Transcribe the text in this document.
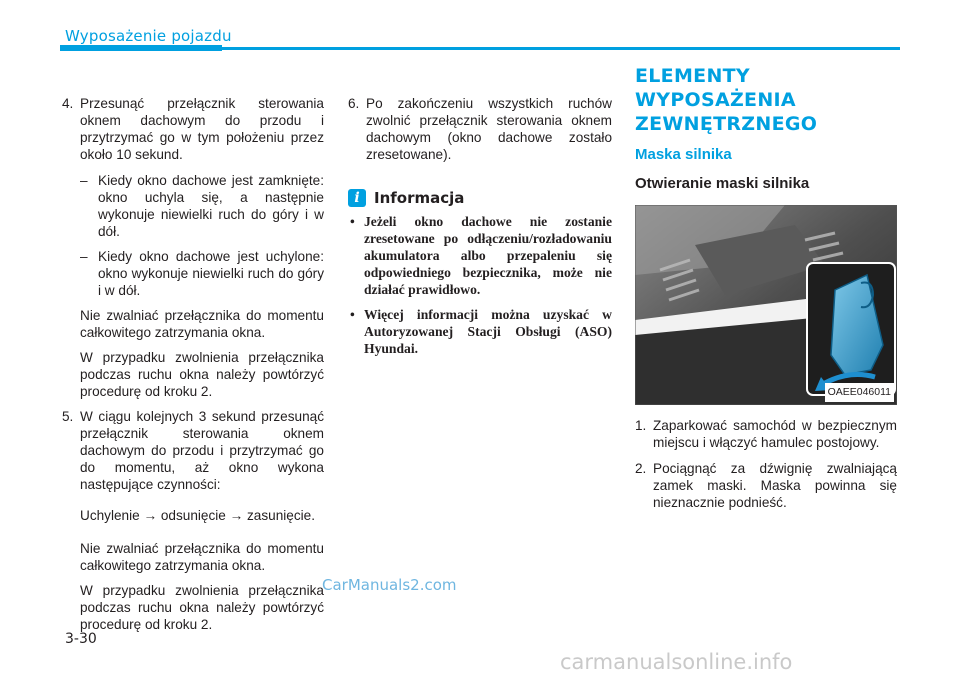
Wyposażenie pojazdu
4. Przesunąć przełącznik sterowania oknem dachowym do przodu i przytrzymać go w tym położeniu przez około 10 sekund.

– Kiedy okno dachowe jest zamknięte: okno uchyla się, a następnie wykonuje niewielki ruch do góry i w dół.

– Kiedy okno dachowe jest uchylone: okno wykonuje niewielki ruch do góry i w dół.

Nie zwalniać przełącznika do momentu całkowitego zatrzymania okna.

W przypadku zwolnienia przełącznika podczas ruchu okna należy powtórzyć procedurę od kroku 2.

5. W ciągu kolejnych 3 sekund przesunąć przełącznik sterowania oknem dachowym do przodu i przytrzymać go do momentu, aż okno wykona następujące czynności:

Uchylenie → odsunięcie → zasunięcie.

Nie zwalniać przełącznika do momentu całkowitego zatrzymania okna.

W przypadku zwolnienia przełącznika podczas ruchu okna należy powtórzyć procedurę od kroku 2.

6. Po zakończeniu wszystkich ruchów zwolnić przełącznik sterowania oknem dachowym (okno dachowe zostało zresetowane).

i Informacja
• Jeżeli okno dachowe nie zostanie zresetowane po odłączeniu/rozładowaniu akumulatora albo przepaleniu się odpowiedniego bezpiecznika, może nie działać prawidłowo.

• Więcej informacji można uzyskać w Autoryzowanej Stacji Obsługi (ASO) Hyundai.

ELEMENTY WYPOSAŻENIA ZEWNĘTRZNEGO
Maska silnika
Otwieranie maski silnika
OAEE046011
1. Zaparkować samochód w bezpiecznym miejscu i włączyć hamulec postojowy.

2. Pociągnąć za dźwignię zwalniającą zamek maski. Maska powinna się nieznacznie podnieść.

CarManuals2.com
3-30
carmanualsonline.info
